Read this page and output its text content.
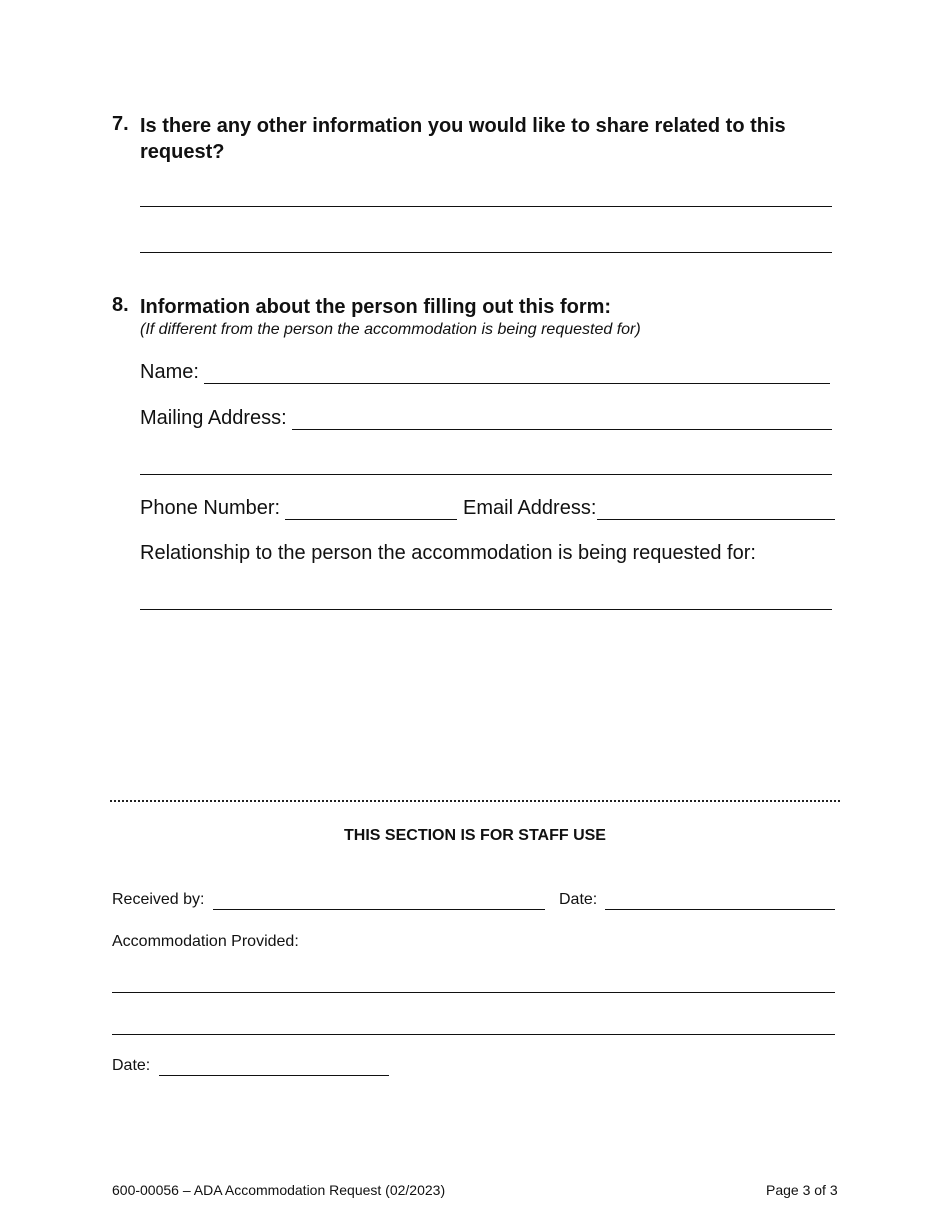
7. Is there any other information you would like to share related to this request?
8. Information about the person filling out this form:
(If different from the person the accommodation is being requested for)
Name:
Mailing Address:
Phone Number:	Email Address:
Relationship to the person the accommodation is being requested for:
THIS SECTION IS FOR STAFF USE
Received by:	Date:
Accommodation Provided:
Date:
600-00056 – ADA Accommodation Request (02/2023)	Page 3 of 3
